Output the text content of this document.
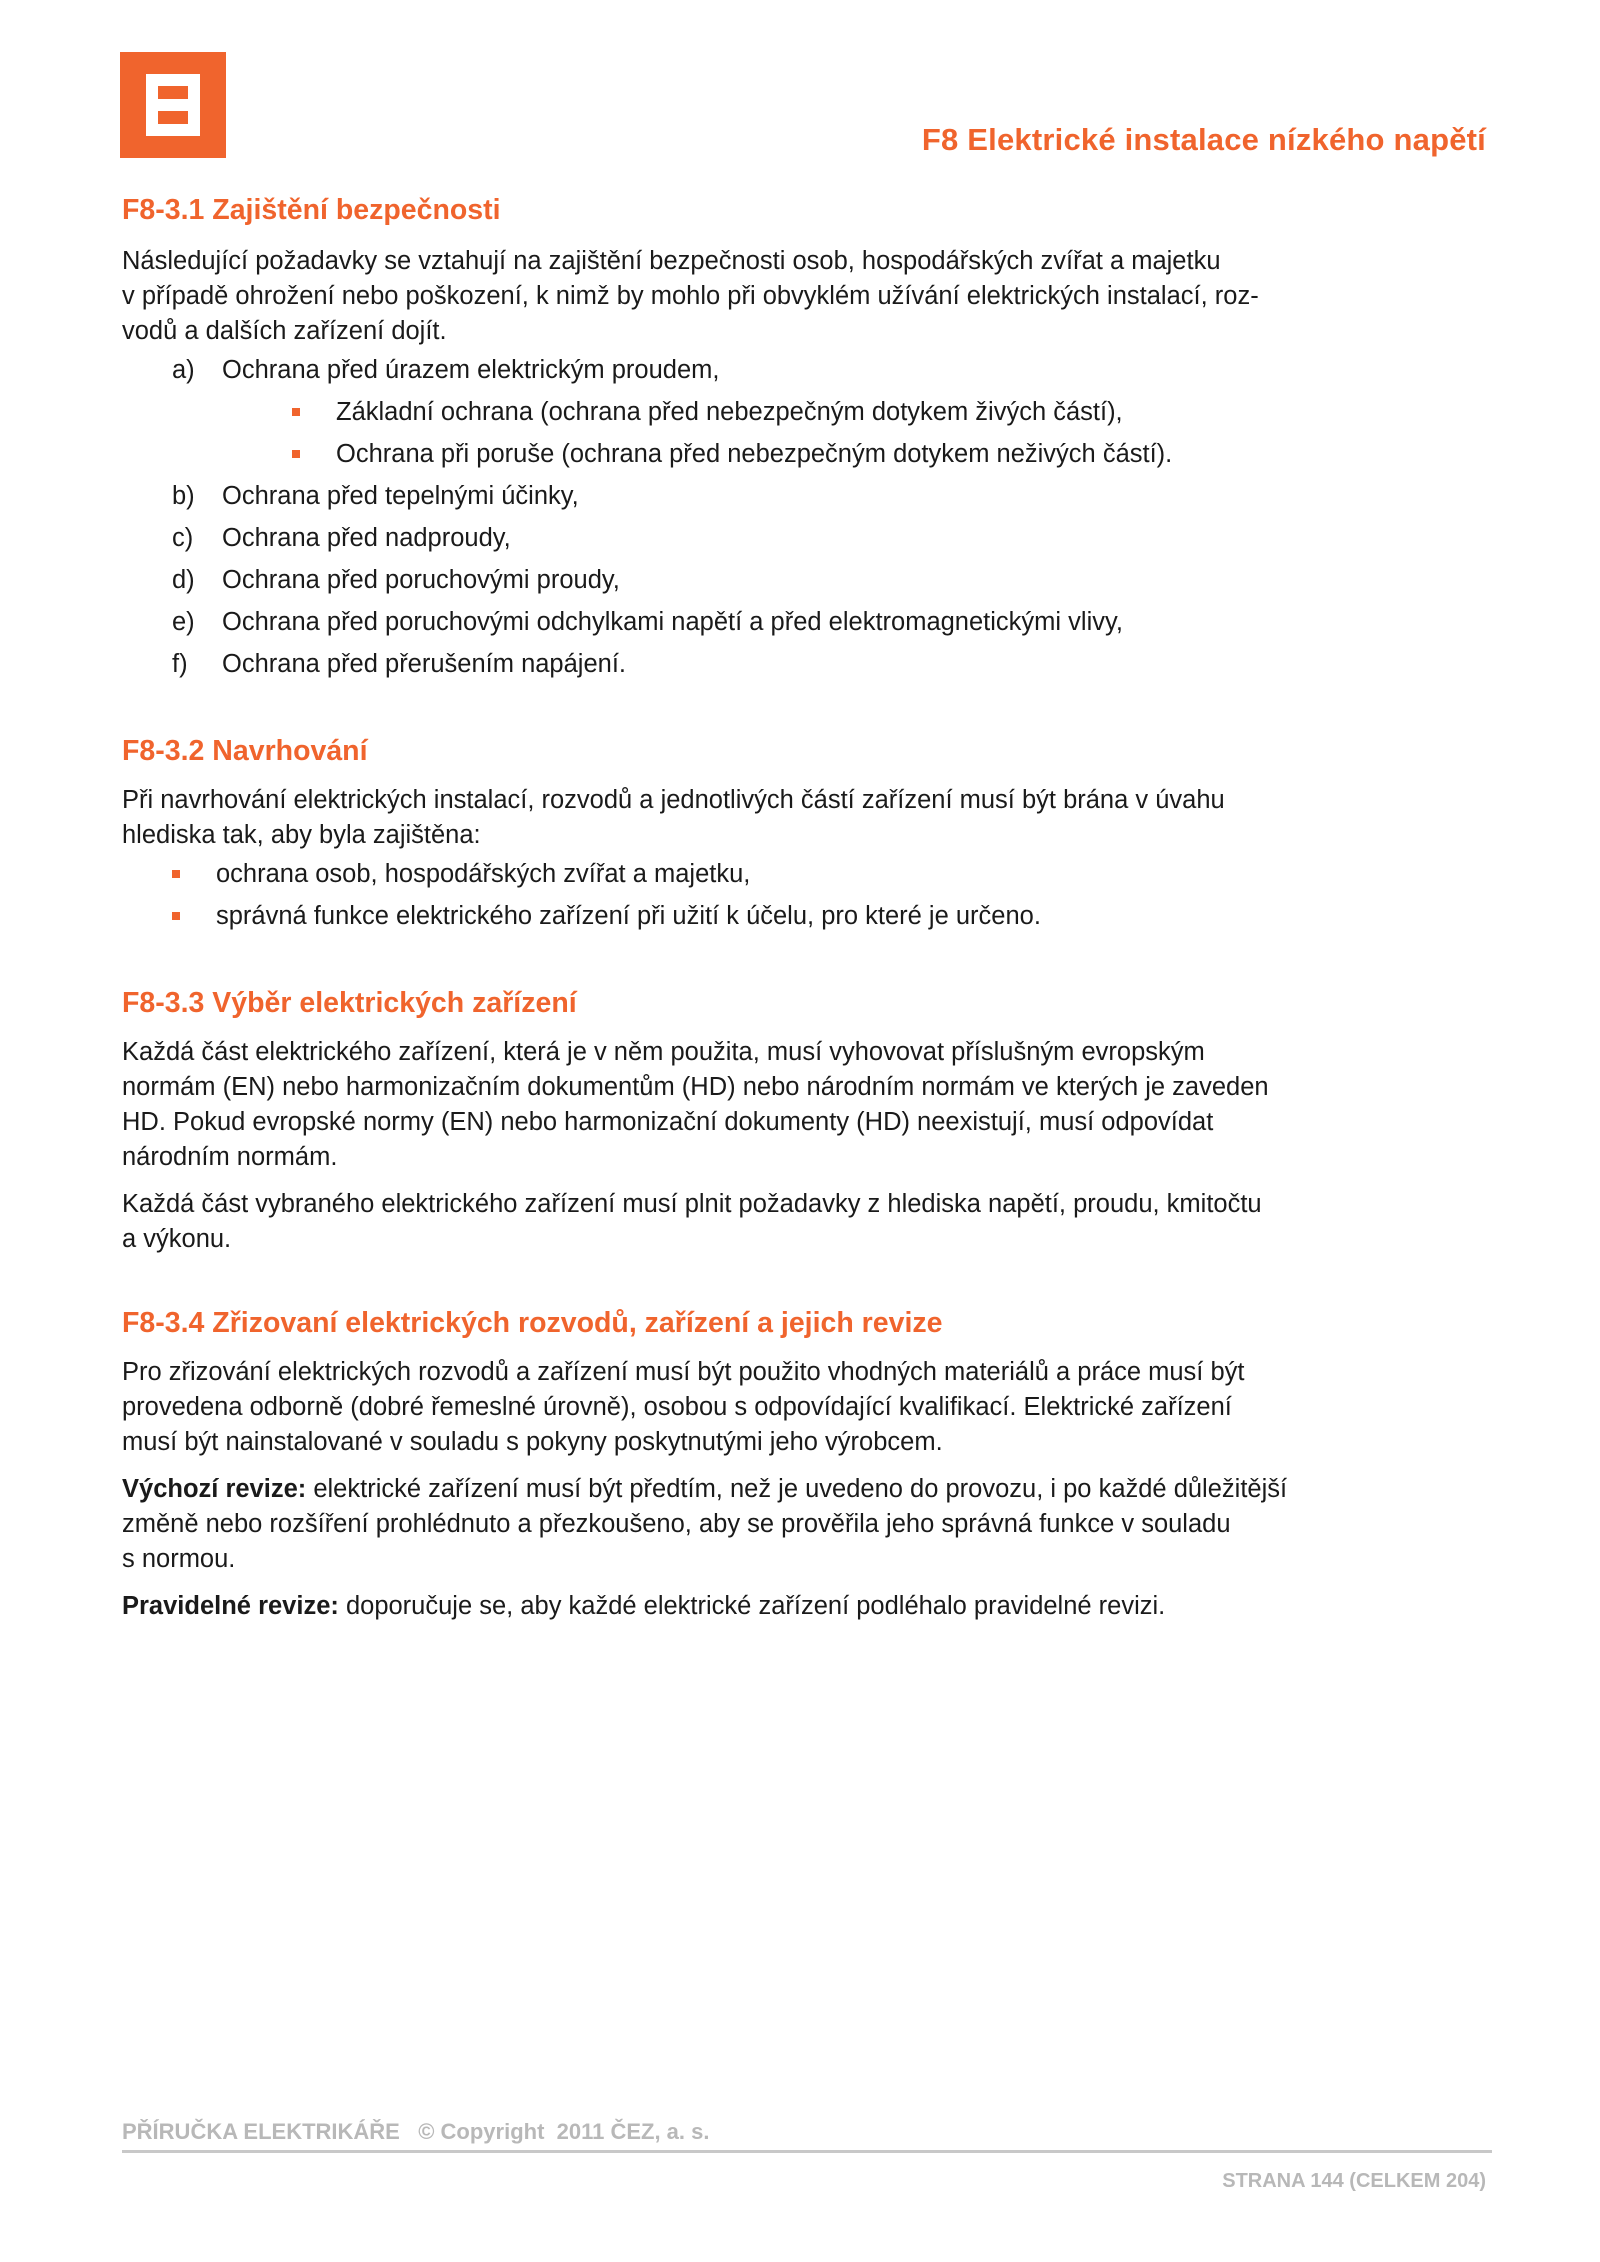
F8 Elektrické instalace nízkého napětí
F8-3.1 Zajištění bezpečnosti

Následující požadavky se vztahují na zajištění bezpečnosti osob, hospodářských zvířat a majetku
v případě ohrožení nebo poškození, k nimž by mohlo při obvyklém užívání elektrických instalací, roz-
vodů a dalších zařízení dojít.

a)	Ochrana před úrazem elektrickým proudem,
Základní ochrana (ochrana před nebezpečným dotykem živých částí),
Ochrana při poruše (ochrana před nebezpečným dotykem neživých částí).
b)	Ochrana před tepelnými účinky,
c)	Ochrana před nadproudy,
d)	Ochrana před poruchovými proudy,
e)	Ochrana před poruchovými odchylkami napětí a před elektromagnetickými vlivy,
f)	Ochrana před přerušením napájení.
F8-3.2 Navrhování

Při navrhování elektrických instalací, rozvodů a jednotlivých částí zařízení musí být brána v úvahu
hlediska tak, aby byla zajištěna:

ochrana osob, hospodářských zvířat a majetku,
správná funkce elektrického zařízení při užití k účelu, pro které je určeno.
F8-3.3 Výběr elektrických zařízení

Každá část elektrického zařízení, která je v něm použita, musí vyhovovat příslušným evropským
normám (EN) nebo harmonizačním dokumentům (HD) nebo národním normám ve kterých je zaveden
HD. Pokud evropské normy (EN) nebo harmonizační dokumenty (HD) neexistují, musí odpovídat
národním normám.

Každá část vybraného elektrického zařízení musí plnit požadavky z hlediska napětí, proudu, kmitočtu
a výkonu.

F8-3.4 Zřizovaní elektrických rozvodů, zařízení a jejich revize

Pro zřizování elektrických rozvodů a zařízení musí být použito vhodných materiálů a práce musí být
provedena odborně (dobré řemeslné úrovně), osobou s odpovídající kvalifikací. Elektrické zařízení
musí být nainstalované v souladu s pokyny poskytnutými jeho výrobcem.

Výchozí revize: elektrické zařízení musí být předtím, než je uvedeno do provozu, i po každé důležitější
změně nebo rozšíření prohlédnuto a přezkoušeno, aby se prověřila jeho správná funkce v souladu
s normou.

Pravidelné revize: doporučuje se, aby každé elektrické zařízení podléhalo pravidelné revizi.

PŘÍRUČKA ELEKTRIKÁŘE   © Copyright  2011 ČEZ, a. s.
STRANA 144 (CELKEM 204)
